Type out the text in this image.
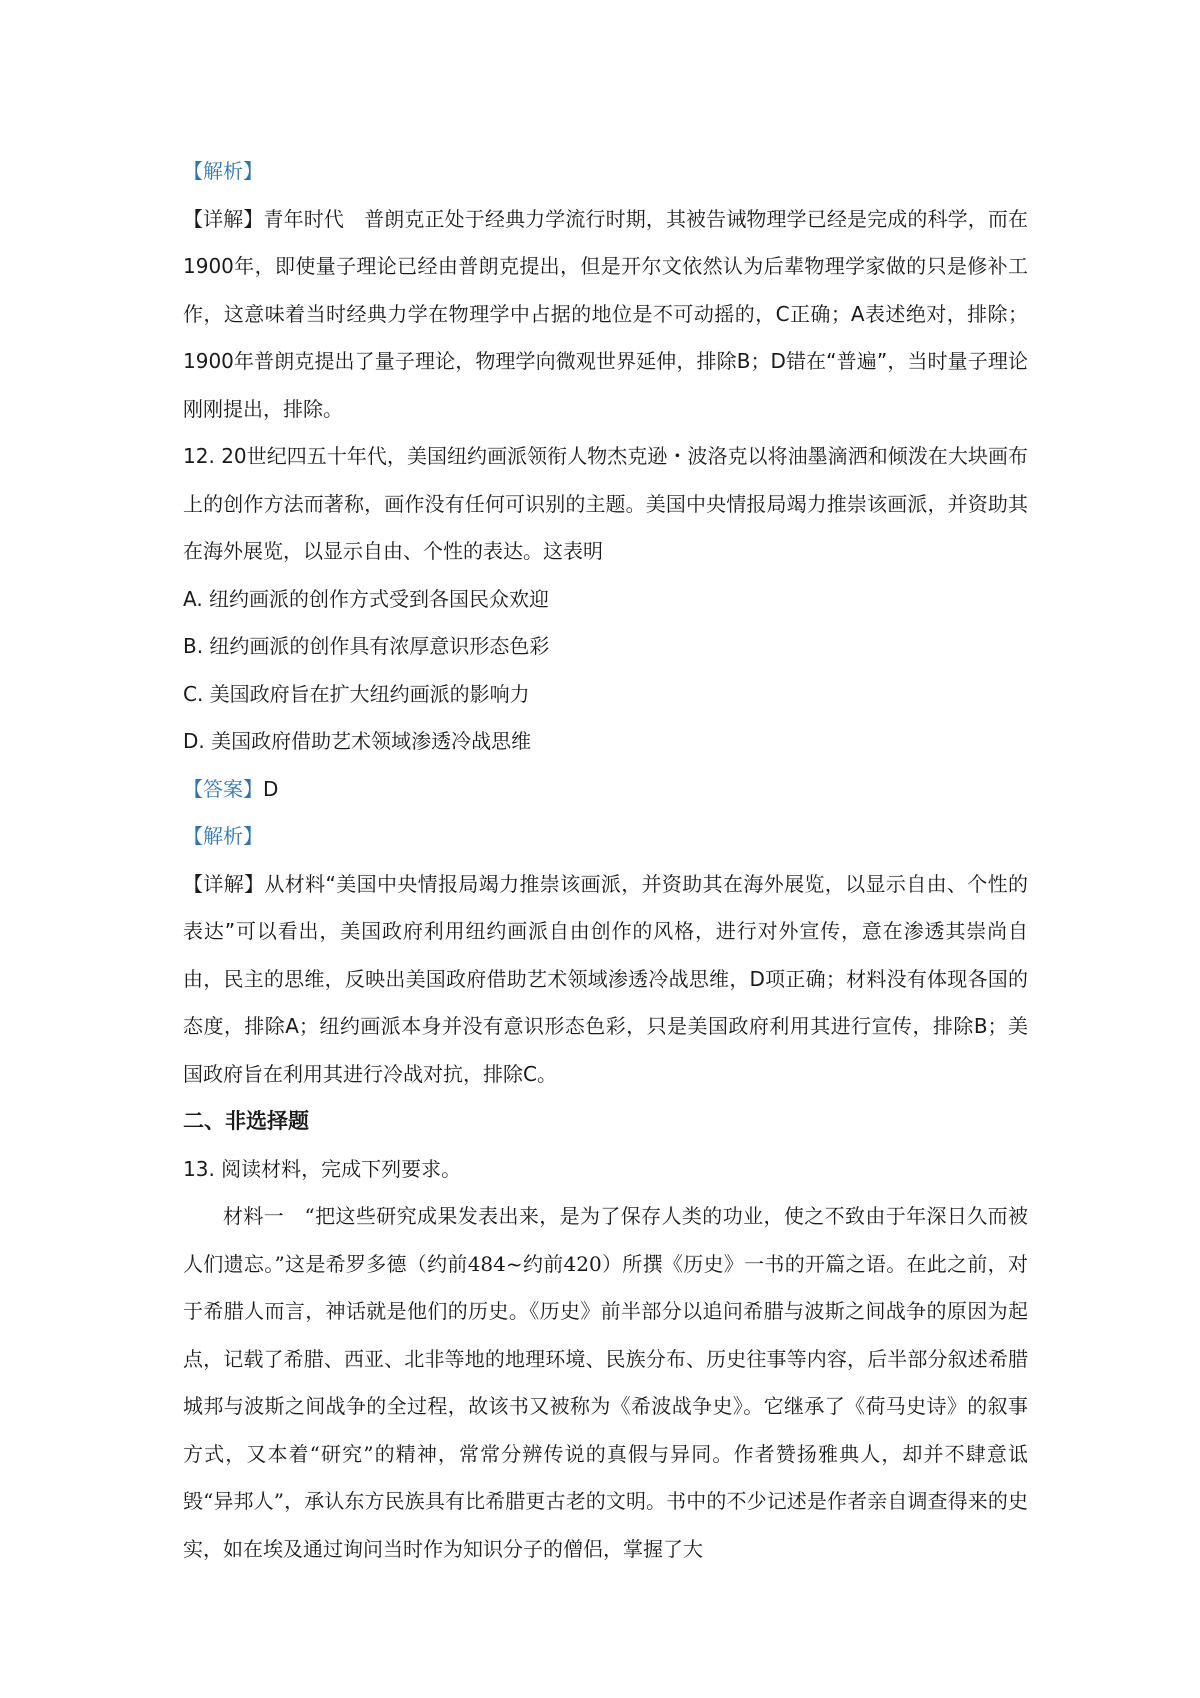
【解析】

【详解】青年时代　普朗克正处于经典力学流行时期，其被告诫物理学已经是完成的科学，而在1900年，即使量子理论已经由普朗克提出，但是开尔文依然认为后辈物理学家做的只是修补工作，这意味着当时经典力学在物理学中占据的地位是不可动摇的，C正确；A表述绝对，排除；1900年普朗克提出了量子理论，物理学向微观世界延伸，排除B；D错在“普遍”，当时量子理论刚刚提出，排除。

12. 20世纪四五十年代，美国纽约画派领衔人物杰克逊・波洛克以将油墨滴洒和倾泼在大块画布上的创作方法而著称，画作没有任何可识别的主题。美国中央情报局竭力推崇该画派，并资助其在海外展览，以显示自由、个性的表达。这表明

A. 纽约画派的创作方式受到各国民众欢迎
B. 纽约画派的创作具有浓厚意识形态色彩
C. 美国政府旨在扩大纽约画派的影响力
D. 美国政府借助艺术领域渗透冷战思维
【答案】D
【解析】

【详解】从材料“美国中央情报局竭力推崇该画派，并资助其在海外展览，以显示自由、个性的表达”可以看出，美国政府利用纽约画派自由创作的风格，进行对外宣传，意在渗透其崇尚自由，民主的思维，反映出美国政府借助艺术领域渗透冷战思维，D项正确；材料没有体现各国的态度，排除A；纽约画派本身并没有意识形态色彩，只是美国政府利用其进行宣传，排除B；美国政府旨在利用其进行冷战对抗，排除C。

二、非选择题

13. 阅读材料，完成下列要求。

材料一　“把这些研究成果发表出来，是为了保存人类的功业，使之不致由于年深日久而被人们遗忘。”这是希罗多德（约前484~约前420）所撰《历史》一书的开篇之语。在此之前，对于希腊人而言，神话就是他们的历史。《历史》前半部分以追问希腊与波斯之间战争的原因为起点，记载了希腊、西亚、北非等地的地理环境、民族分布、历史往事等内容，后半部分叙述希腊城邦与波斯之间战争的全过程，故该书又被称为《希波战争史》。它继承了《荷马史诗》的叙事方式，又本着“研究”的精神，常常分辨传说的真假与异同。作者赞扬雅典人，却并不肆意诋毁“异邦人”，承认东方民族具有比希腊更古老的文明。书中的不少记述是作者亲自调查得来的史实，如在埃及通过询问当时作为知识分子的僧侣，掌握了大
